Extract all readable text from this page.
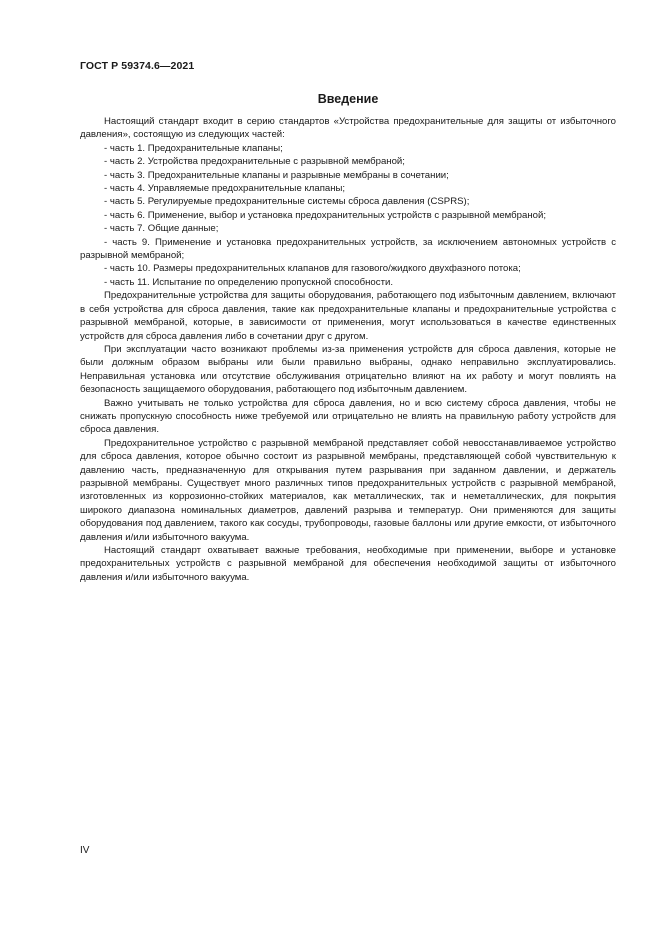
ГОСТ Р 59374.6—2021
Введение

Настоящий стандарт входит в серию стандартов «Устройства предохранительные для защиты от избыточного давления», состоящую из следующих частей:

- часть 1. Предохранительные клапаны;
- часть 2. Устройства предохранительные с разрывной мембраной;
- часть 3. Предохранительные клапаны и разрывные мембраны в сочетании;
- часть 4. Управляемые предохранительные клапаны;
- часть 5. Регулируемые предохранительные системы сброса давления (CSPRS);
- часть 6. Применение, выбор и установка предохранительных устройств с разрывной мембраной;
- часть 7. Общие данные;
- часть 9. Применение и установка предохранительных устройств, за исключением автономных устройств с разрывной мембраной;
- часть 10. Размеры предохранительных клапанов для газового/жидкого двухфазного потока;
- часть 11. Испытание по определению пропускной способности.

Предохранительные устройства для защиты оборудования, работающего под избыточным давлением, включают в себя устройства для сброса давления, такие как предохранительные клапаны и предохранительные устройства с разрывной мембраной, которые, в зависимости от применения, могут использоваться в качестве единственных устройств для сброса давления либо в сочетании друг с другом.

При эксплуатации часто возникают проблемы из-за применения устройств для сброса давления, которые не были должным образом выбраны или были правильно выбраны, однако неправильно эксплуатировались. Неправильная установка или отсутствие обслуживания отрицательно влияют на их работу и могут повлиять на безопасность защищаемого оборудования, работающего под избыточным давлением.

Важно учитывать не только устройства для сброса давления, но и всю систему сброса давления, чтобы не снижать пропускную способность ниже требуемой или отрицательно не влиять на правильную работу устройств для сброса давления.

Предохранительное устройство с разрывной мембраной представляет собой невосстанавливаемое устройство для сброса давления, которое обычно состоит из разрывной мембраны, представляющей собой чувствительную к давлению часть, предназначенную для открывания путем разрывания при заданном давлении, и держатель разрывной мембраны. Существует много различных типов предохранительных устройств с разрывной мембраной, изготовленных из коррозионно-стойких материалов, как металлических, так и неметаллических, для покрытия широкого диапазона номинальных диаметров, давлений разрыва и температур. Они применяются для защиты оборудования под давлением, такого как сосуды, трубопроводы, газовые баллоны или другие емкости, от избыточного давления и/или избыточного вакуума.

Настоящий стандарт охватывает важные требования, необходимые при применении, выборе и установке предохранительных устройств с разрывной мембраной для обеспечения необходимой защиты от избыточного давления и/или избыточного вакуума.

IV
